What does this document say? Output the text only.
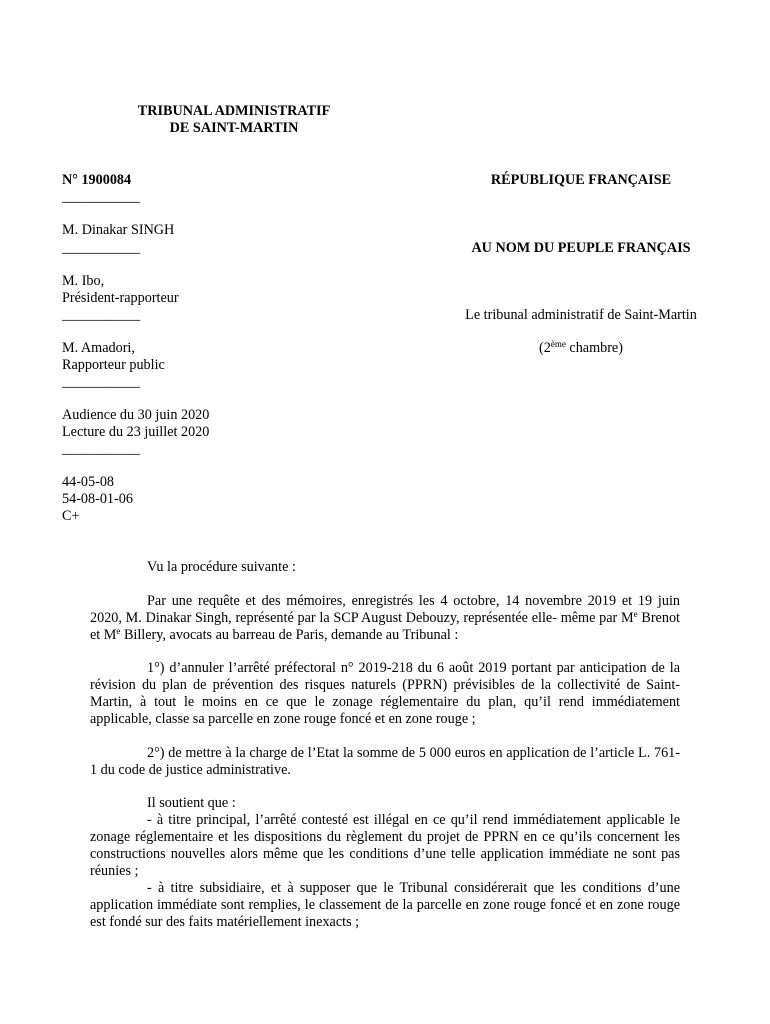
TRIBUNAL ADMINISTRATIF
DE SAINT-MARTIN
N° 1900084
___________
M. Dinakar SINGH
___________
M. Ibo,
Président-rapporteur
___________
M. Amadori,
Rapporteur public
___________
Audience du 30 juin 2020
Lecture du 23 juillet 2020
___________
44-05-08
54-08-01-06
C+
RÉPUBLIQUE FRANÇAISE
AU NOM DU PEUPLE FRANÇAIS
Le tribunal administratif de Saint-Martin
(2ème chambre)
Vu la procédure suivante :

Par une requête et des mémoires, enregistrés les 4 octobre, 14 novembre 2019 et 19 juin 2020, M. Dinakar Singh, représenté par la SCP August Debouzy, représentée elle- même par Me Brenot et Me Billery, avocats au barreau de Paris, demande au Tribunal :

1°) d’annuler l’arrêté préfectoral n° 2019-218 du 6 août 2019 portant par anticipation de la révision du plan de prévention des risques naturels (PPRN) prévisibles de la collectivité de Saint-Martin, à tout le moins en ce que le zonage réglementaire du plan, qu’il rend immédiatement applicable, classe sa parcelle en zone rouge foncé et en zone rouge ;

2°) de mettre à la charge de l’Etat la somme de 5 000 euros en application de l’article L. 761-1 du code de justice administrative.

Il soutient que :

- à titre principal, l’arrêté contesté est illégal en ce qu’il rend immédiatement applicable le zonage réglementaire et les dispositions du règlement du projet de PPRN en ce qu’ils concernent les constructions nouvelles alors même que les conditions d’une telle application immédiate ne sont pas réunies ;

- à titre subsidiaire, et à supposer que le Tribunal considérerait que les conditions d’une application immédiate sont remplies, le classement de la parcelle en zone rouge foncé et en zone rouge est fondé sur des faits matériellement inexacts ;
